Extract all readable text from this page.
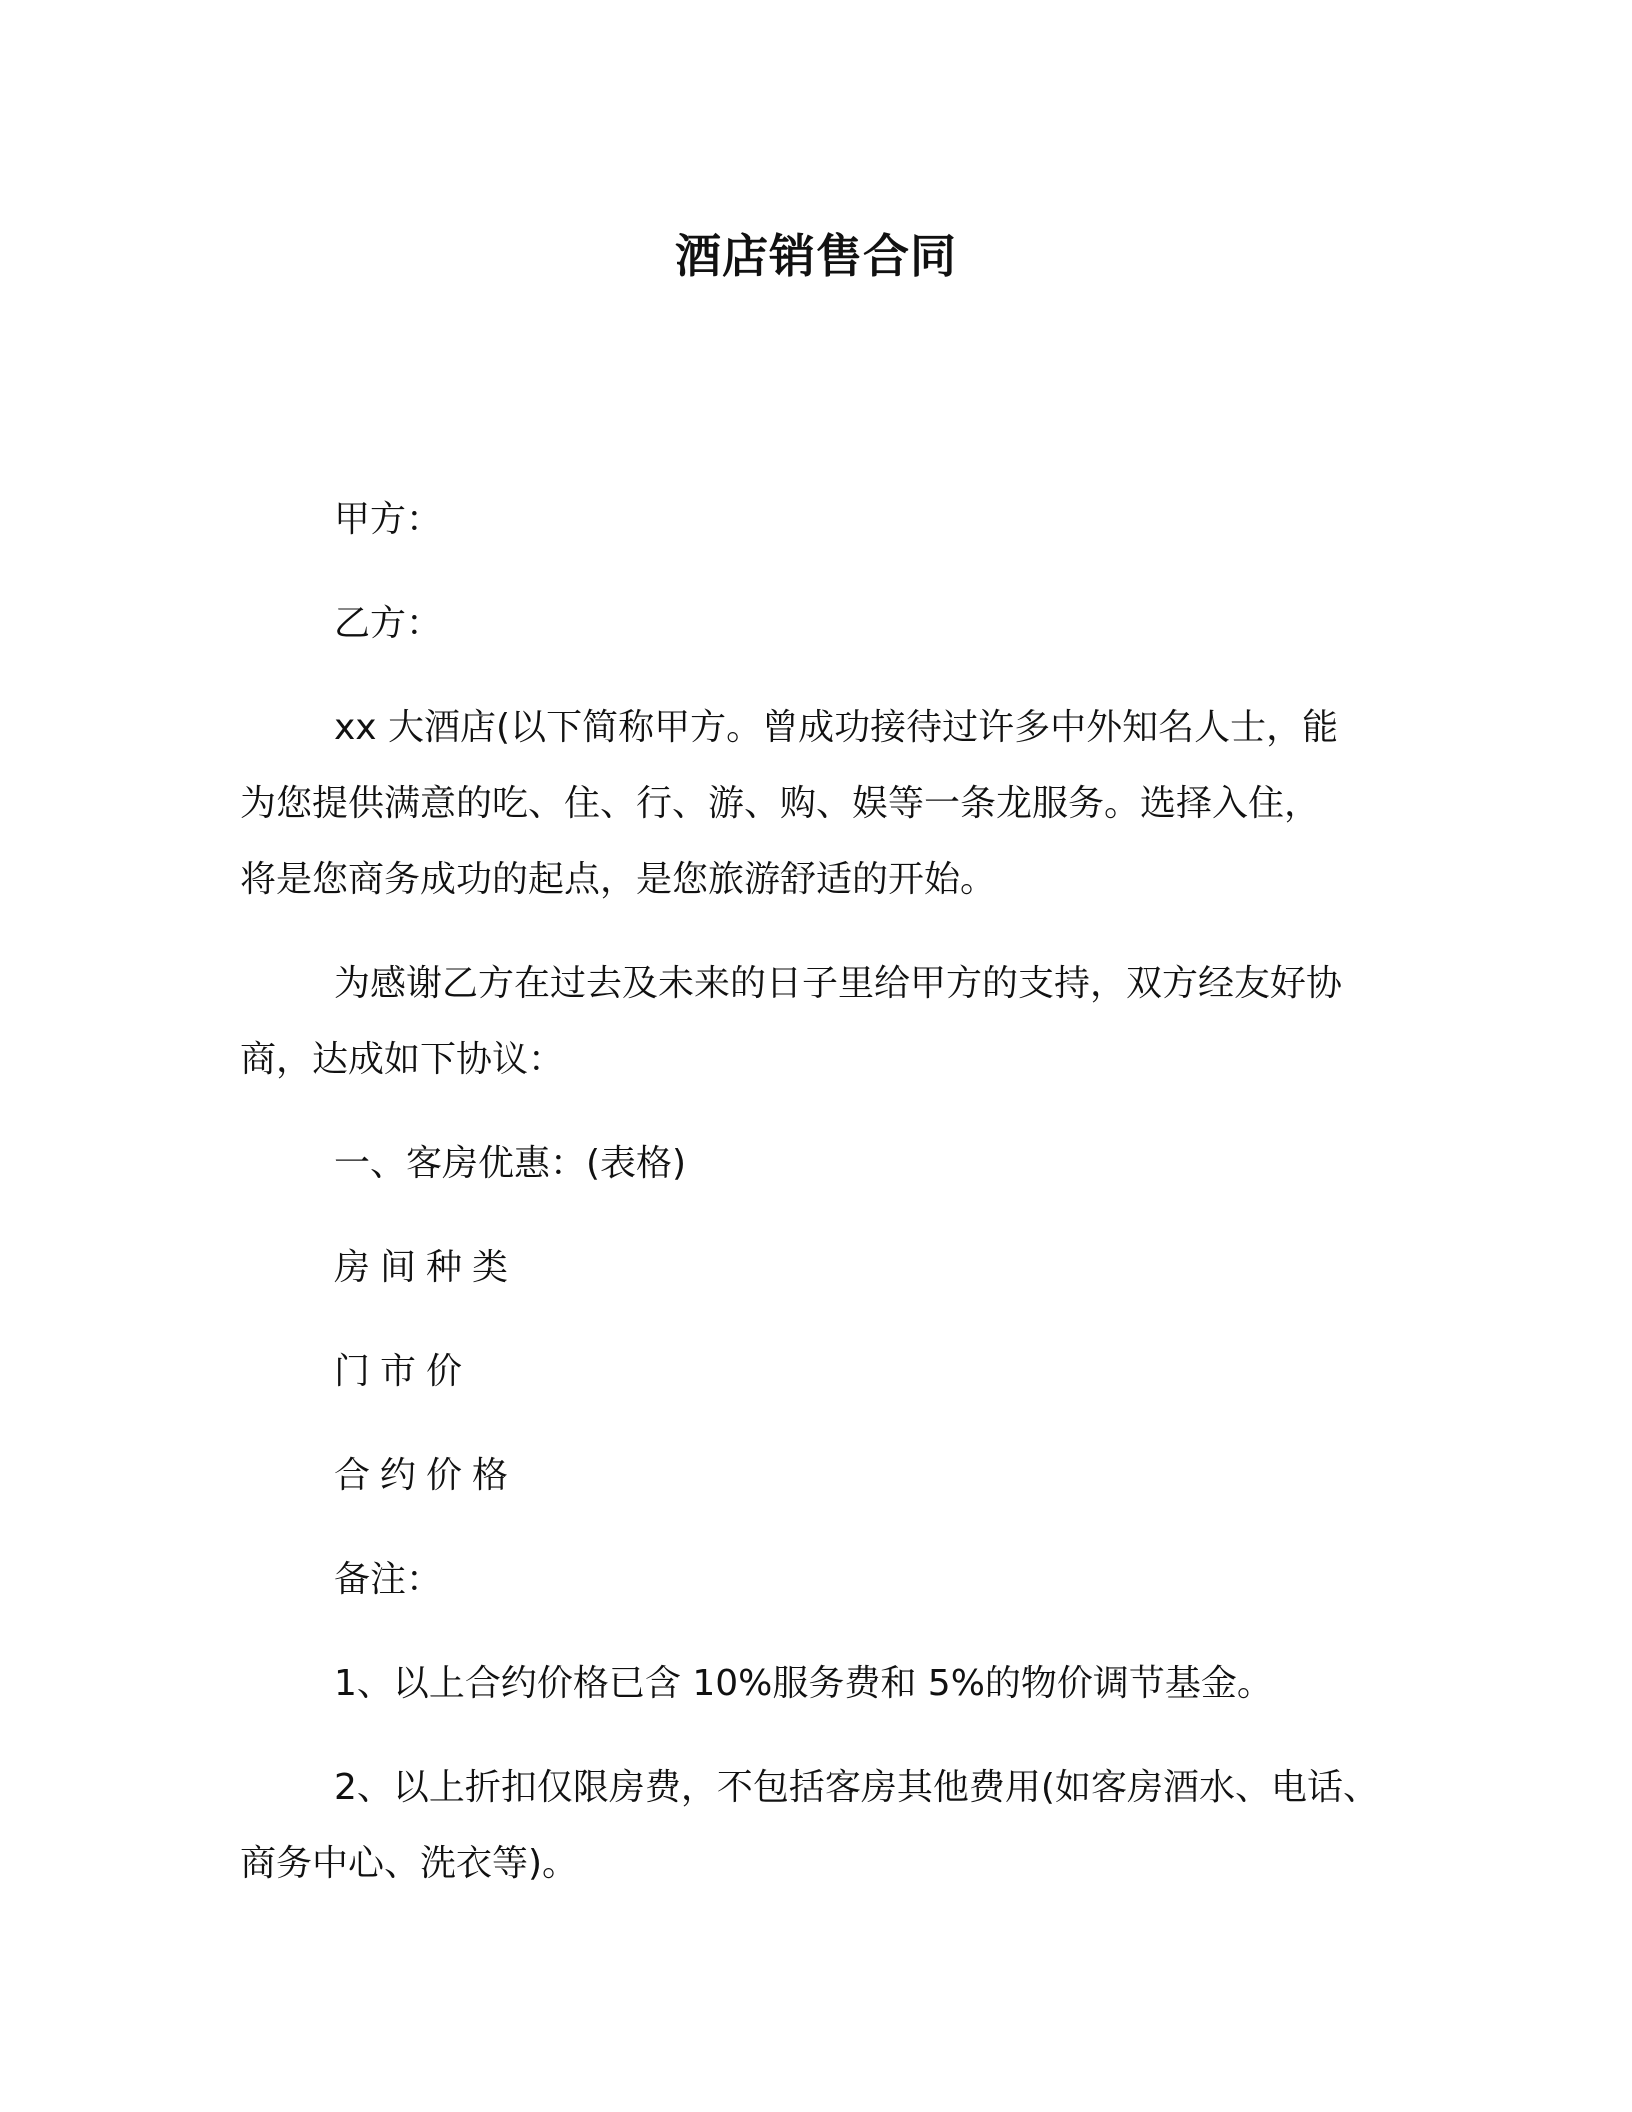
酒店销售合同
甲方：
乙方：
xx 大酒店(以下简称甲方。曾成功接待过许多中外知名人士，能
为您提供满意的吃、住、行、游、购、娱等一条龙服务。选择入住，
将是您商务成功的起点，是您旅游舒适的开始。
为感谢乙方在过去及未来的日子里给甲方的支持，双方经友好协
商，达成如下协议：
一、客房优惠：(表格)
房间种类
门市价
合约价格
备注：
1、以上合约价格已含 10%服务费和 5%的物价调节基金。
2、以上折扣仅限房费，不包括客房其他费用(如客房酒水、电话、
商务中心、洗衣等)。
